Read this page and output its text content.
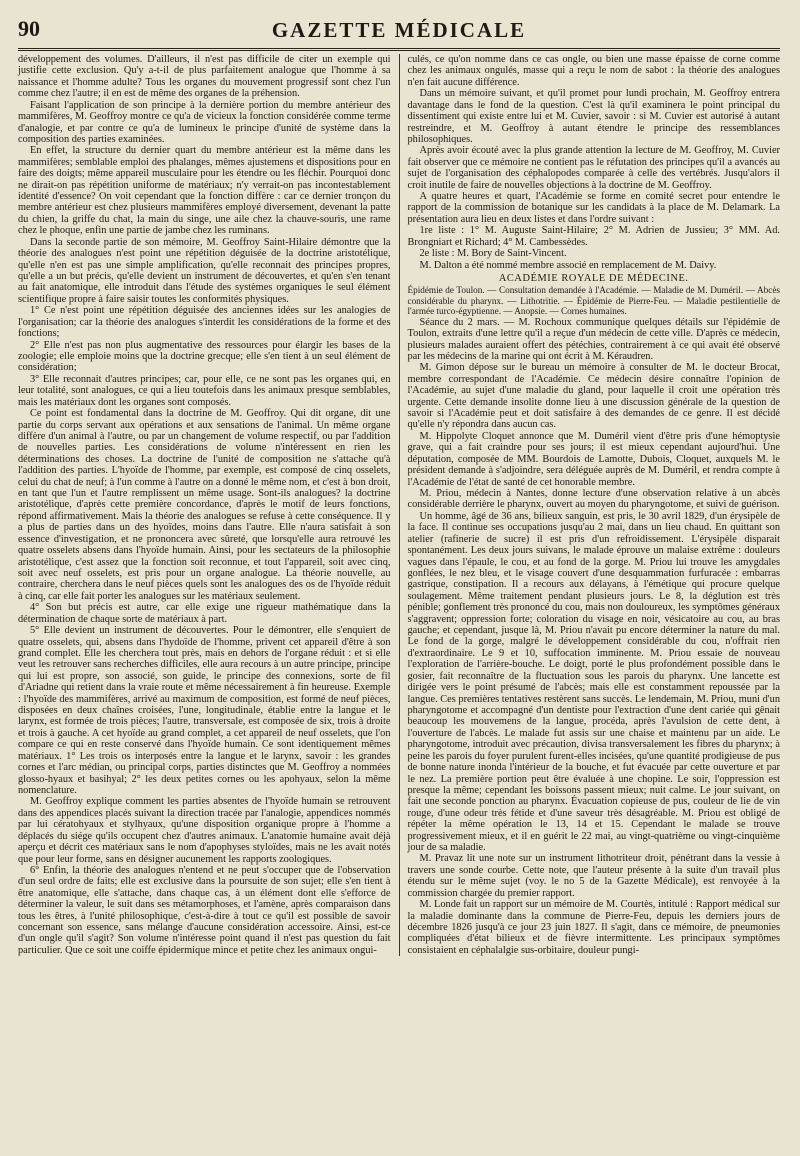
90	GAZETTE MÉDICALE

développement des volumes. D'ailleurs, il n'est pas difficile de citer un exemple qui justifie cette exclusion. Qu'y a-t-il de plus parfaitement analogue que l'homme à sa naissance et l'homme adulte? Tous les organes du mouvement progressif sont chez l'un comme chez l'autre; il en est de même des organes de la préhension.

Faisant l'application de son principe à la dernière portion du membre antérieur des mammifères, M. Geoffroy montre ce qu'a de vicieux la fonction considérée comme terme d'analogie, et par contre ce qu'a de lumineux le principe d'unité de système dans la composition des parties examinées.

En effet, la structure du dernier quart du membre antérieur est la même dans les mammifères; semblable emploi des phalanges, mêmes ajustemens et dispositions pour en faire des doigts; même appareil musculaire pour les étendre ou les fléchir. Pourquoi donc ne dirait-on pas répétition uniforme de matériaux; n'y verrait-on pas incontestablement identité d'essence? On voit cependant que la fonction diffère : car ce dernier tronçon du membre antérieur est chez plusieurs mammifères employé diversement, devenant la patte du chien, la griffe du chat, la main du singe, une aile chez la chauve-souris, une rame chez le phoque, enfin une partie de jambe chez les ruminans.

Dans la seconde partie de son mémoire, M. Geoffroy Saint-Hilaire démontre que la théorie des analogues n'est point une répétition déguisée de la doctrine aristotélique, qu'elle n'en est pas une simple amplification, qu'elle reconnait des principes propres, qu'elle a un but précis, qu'elle devient un instrument de découvertes, et qu'en s'en tenant au fait anatomique, elle introduit dans l'étude des systèmes organiques le seul élément scientifique propre à faire saisir toutes les conformités physiques.

1° Ce n'est point une répétition déguisée des anciennes idées sur les analogies de l'organisation; car la théorie des analogues s'interdit les considérations de la forme et des fonctions;

2° Elle n'est pas non plus augmentative des ressources pour élargir les bases de la zoologie; elle emploie moins que la doctrine grecque; elle s'en tient à un seul élément de considération;

3° Elle reconnait d'autres principes; car, pour elle, ce ne sont pas les organes qui, en leur totalité, sont analogues, ce qui a lieu toutefois dans les animaux presque semblables, mais les matériaux dont les organes sont composés.

Ce point est fondamental dans la doctrine de M. Geoffroy. Qui dit organe, dit une partie du corps servant aux opérations et aux sensations de l'animal. Un même organe diffère d'un animal à l'autre, ou par un changement de volume respectif, ou par l'addition de nouvelles parties. Les considérations de volume n'intéressent en rien les déterminations des choses. La doctrine de l'unité de composition ne s'attache qu'à l'addition des parties. L'hyoïde de l'homme, par exemple, est composé de cinq osselets, celui du chat de neuf; à l'un comme à l'autre on a donné le même nom, et c'est à bon droit, en tant que l'un et l'autre remplissent un même usage. Sont-ils analogues? la doctrine aristotélique, d'après cette première concordance, d'après le motif de leurs fonctions, répond affirmativement. Mais la théorie des analogues se refuse à cette conséquence. Il y a plus de parties dans un des hyoïdes, moins dans l'autre. Elle n'aura satisfait à son essence d'investigation, et ne prononcera avec sûreté, que lorsqu'elle aura retrouvé les quatre osselets absens dans l'hyoïde humain. Ainsi, pour les sectateurs de la philosophie aristotélique, c'est assez que la fonction soit reconnue, et tout l'appareil, soit avec cinq, soit avec neuf osselets, est pris pour un organe analogue. La théorie nouvelle, au contraire, cherchera dans le neuf pièces quels sont les analogues des os de l'hyoïde réduit à cinq, car elle fait porter les analogues sur les matériaux seulement.

4° Son but précis est autre, car elle exige une rigueur mathématique dans la détermination de chaque sorte de matériaux à part.

5° Elle devient un instrument de découvertes. Pour le démontrer, elle s'enquiert de quatre osselets, qui, absens dans l'hydoïde de l'homme, privent cet appareil d'être à son grand complet. Elle les cherchera tout près, mais en dehors de l'organe réduit : et si elle veut les retrouver sans recherches difficiles, elle aura recours à un autre principe, principe qui lui est propre, son associé, son guide, le principe des connexions, sorte de fil d'Ariadne qui retient dans la vraie route et même nécessairement à fin heureuse. Exemple : l'hyoïde des mammifères, arrivé au maximum de composition, est formé de neuf pièces, disposées en deux chaînes croisées, l'une, longitudinale, établie entre la langue et le larynx, est formée de trois pièces; l'autre, transversale, est composée de six, trois à droite et trois à gauche. A cet hyoïde au grand complet, a cet appareil de neuf osselets, que l'on compare ce qui en reste conservé dans l'hyoïde humain. Ce sont identiquement mêmes matériaux. 1° Les trois os interposés entre la langue et le larynx, savoir : les grandes cornes et l'arc médian, ou principal corps, parties distinctes que M. Geoffroy a nommées glosso-hyaux et basihyal; 2° les deux petites cornes ou les apohyaux, selon la même nomenclature.

M. Geoffroy explique comment les parties absentes de l'hyoïde humain se retrouvent dans des appendices placés suivant la direction tracée par l'analogie, appendices nommés par lui cératohyaux et stylhyaux, qu'une disposition organique propre à l'homme a déplacés du siége qu'ils occupent chez d'autres animaux. L'anatomie humaine avait déjà aperçu et décrit ces matériaux sans le nom d'apophyses styloïdes, mais ne les avait notés que pour leur forme, sans en désigner aucunement les rapports zoologiques.

6° Enfin, la théorie des analogues n'entend et ne peut s'occuper que de l'observation d'un seul ordre de faits; elle est exclusive dans la poursuite de son sujet; elle s'en tient à être anatomique, elle s'attache, dans chaque cas, à un élément dont elle s'efforce de déterminer la valeur, le suit dans ses métamorphoses, et l'amène, après comparaison dans tous les êtres, à l'unité philosophique, c'est-à-dire à tout ce qu'il est possible de savoir concernant son essence, sans mélange d'aucune considération accessoire. Ainsi, est-ce d'un ongle qu'il s'agit? Son volume n'intéresse point quand il n'est pas question du fait particulier. Que ce soit une coiffe épidermique mince et petite chez les animaux ongui-

culés, ce qu'on nomme dans ce cas ongle, ou bien une masse épaisse de corne comme chez les animaux ongulés, masse qui a reçu le nom de sabot : la théorie des analogues n'en fait aucune différence.

Dans un mémoire suivant, et qu'il promet pour lundi prochain, M. Geoffroy entrera davantage dans le fond de la question. C'est là qu'il examinera le point principal du dissentiment qui existe entre lui et M. Cuvier, savoir : si M. Cuvier est autorisé à autant restreindre, et M. Geoffroy à autant étendre le principe des ressemblances philosophiques.

Après avoir écouté avec la plus grande attention la lecture de M. Geoffroy, M. Cuvier fait observer que ce mémoire ne contient pas le réfutation des principes qu'il a avancés au sujet de l'organisation des céphalopodes comparée à celle des vertébrés. Jusqu'alors il croit inutile de faire de nouvelles objections à la doctrine de M. Geoffroy.

A quatre heures et quart, l'Académie se forme en comité secret pour entendre le rapport de la commission de botanique sur les candidats à la place de M. Delamark. La présentation aura lieu en deux listes et dans l'ordre suivant :

1re liste : 1° M. Auguste Saint-Hilaire; 2° M. Adrien de Jussieu; 3° MM. Ad. Brongniart et Richard; 4° M. Cambessèdes.

2e liste : M. Bory de Saint-Vincent.

M. Dalton a été nommé membre associé en remplacement de M. Daivy.

ACADÉMIE ROYALE DE MÉDECINE.

Épidémie de Toulon. — Consultation demandée à l'Académie. — Maladie de M. Duméril. — Abcès considérable du pharynx. — Lithotritie. — Épidémie de Pierre-Feu. — Maladie pestilentielle de l'armée turco-égyptienne. — Anopsie. — Cornes humaines.

Séance du 2 mars. — M. Rochoux communique quelques détails sur l'épidémie de Toulon, extraits d'une lettre qu'il a reçue d'un médecin de cette ville. D'après ce médecin, plusieurs malades auraient offert des pétéchies, contrairement à ce qui avait été observé par les médecins de la marine qui ont écrit à M. Kéraudren.

M. Gimon dépose sur le bureau un mémoire à consulter de M. le docteur Brocat, membre correspondant de l'Académie. Ce médecin désire connaître l'opinion de l'Académie, au sujet d'une maladie du gland, pour laquelle il croit une opération très urgente. Cette demande insolite donne lieu à une discussion générale de la question de savoir si l'Académie peut et doit satisfaire à des demandes de ce genre. Il est décidé qu'elle n'y répondra dans aucun cas.

M. Hippolyte Cloquet annonce que M. Duméril vient d'être pris d'une hémoptysie grave, qui a fait craindre pour ses jours; il est mieux cependant aujourd'hui. Une députation, composée de MM. Bourdois de Lamotte, Dubois, Cloquet, auxquels M. le président demande à s'adjoindre, sera déléguée auprès de M. Duméril, et rendra compte à l'Académie de l'état de santé de cet honorable membre.

M. Priou, médecin à Nantes, donne lecture d'une observation relative à un abcès considérable derrière le pharynx, ouvert au moyen du pharyngotome, et suivi de guérison.

Un homme, âgé de 36 ans, bilieux sanguin, est pris, le 30 avril 1829, d'un érysipèle de la face. Il continue ses occupations jusqu'au 2 mai, dans un lieu chaud. En quittant son atelier (rafinerie de sucre) il est pris d'un refroidissement. L'érysipèle disparait spontanément. Les deux jours suivans, le malade éprouve un malaise extrême : douleurs vagues dans l'épaule, le cou, et au fond de la gorge. M. Priou lui trouve les amygdales gonflées, le nez bleu, et le visage couvert d'une desquammation furfuracée : embarras gastrique, constipation. Il a recours aux délayans, à l'émétique qui procure quelque soulagement. Même traitement pendant plusieurs jours. Le 8, la déglution est très pénible; gonflement très prononcé du cou, mais non douloureux, les symptômes généraux s'aggravent; oppression forte; coloration du visage en noir, vésicatoire au cou, au bras gauche; et cependant, jusque là, M. Priou n'avait pu encore déterminer la nature du mal. Le fond de la gorge, malgré le développement considérable du cou, n'offrait rien d'extraordinaire. Le 9 et 10, suffocation imminente. M. Priou essaie de nouveau l'exploration de l'arrière-bouche. Le doigt, porté le plus profondément possible dans le gosier, fait reconnaître de la fluctuation sous les parois du pharynx. Une lancette est dirigée vers le point présumé de l'abcès; mais elle est constamment repoussée par la langue. Ces premières tentatives restèrent sans succès. Le lendemain, M. Priou, muni d'un pharyngotome et accompagné d'un dentiste pour l'extraction d'une dent cariée qui gênait beaucoup les mouvemens de la langue, procéda, après l'avulsion de cette dent, à l'ouverture de l'abcès. Le malade fut assis sur une chaise et maintenu par un aide. Le pharyngotome, introduit avec précaution, divisa transversalement les fibres du pharynx; à peine les parois du foyer purulent furent-elles incisées, qu'une quantité prodigieuse de pus de bonne nature inonda l'intérieur de la bouche, et fut évacuée par cette ouverture et par le nez. La première portion peut être évaluée à une chopine. Le soir, l'oppression est presque la même; cependant les boissons passent mieux; nuit calme. Le jour suivant, on fait une seconde ponction au pharynx. Évacuation copieuse de pus, couleur de lie de vin rouge, d'une odeur très fétide et d'une saveur très désagréable. M. Priou est obligé de répéter la même opération le 13, 14 et 15. Cependant le malade se trouve progressivement mieux, et il en guérit le 22 mai, au vingt-quatrième ou vingt-cinquième jour de sa maladie.

M. Pravaz lit une note sur un instrument lithotriteur droit, pénétrant dans la vessie à travers une sonde courbe. Cette note, que l'auteur présente à la suite d'un travail plus étendu sur le même sujet (voy. le no 5 de la Gazette Médicale), est renvoyée à la commission chargée du premier rapport.

M. Londe fait un rapport sur un mémoire de M. Courtès, intitulé : Rapport médical sur la maladie dominante dans la commune de Pierre-Feu, depuis les derniers jours de décembre 1826 jusqu'à ce jour 23 juin 1827. Il s'agit, dans ce mémoire, de pneumonies compliquées d'état bilieux et de fièvre intermittente. Les principaux symptômes consistaient en céphalalgie sus-orbitaire, douleur pungi-
